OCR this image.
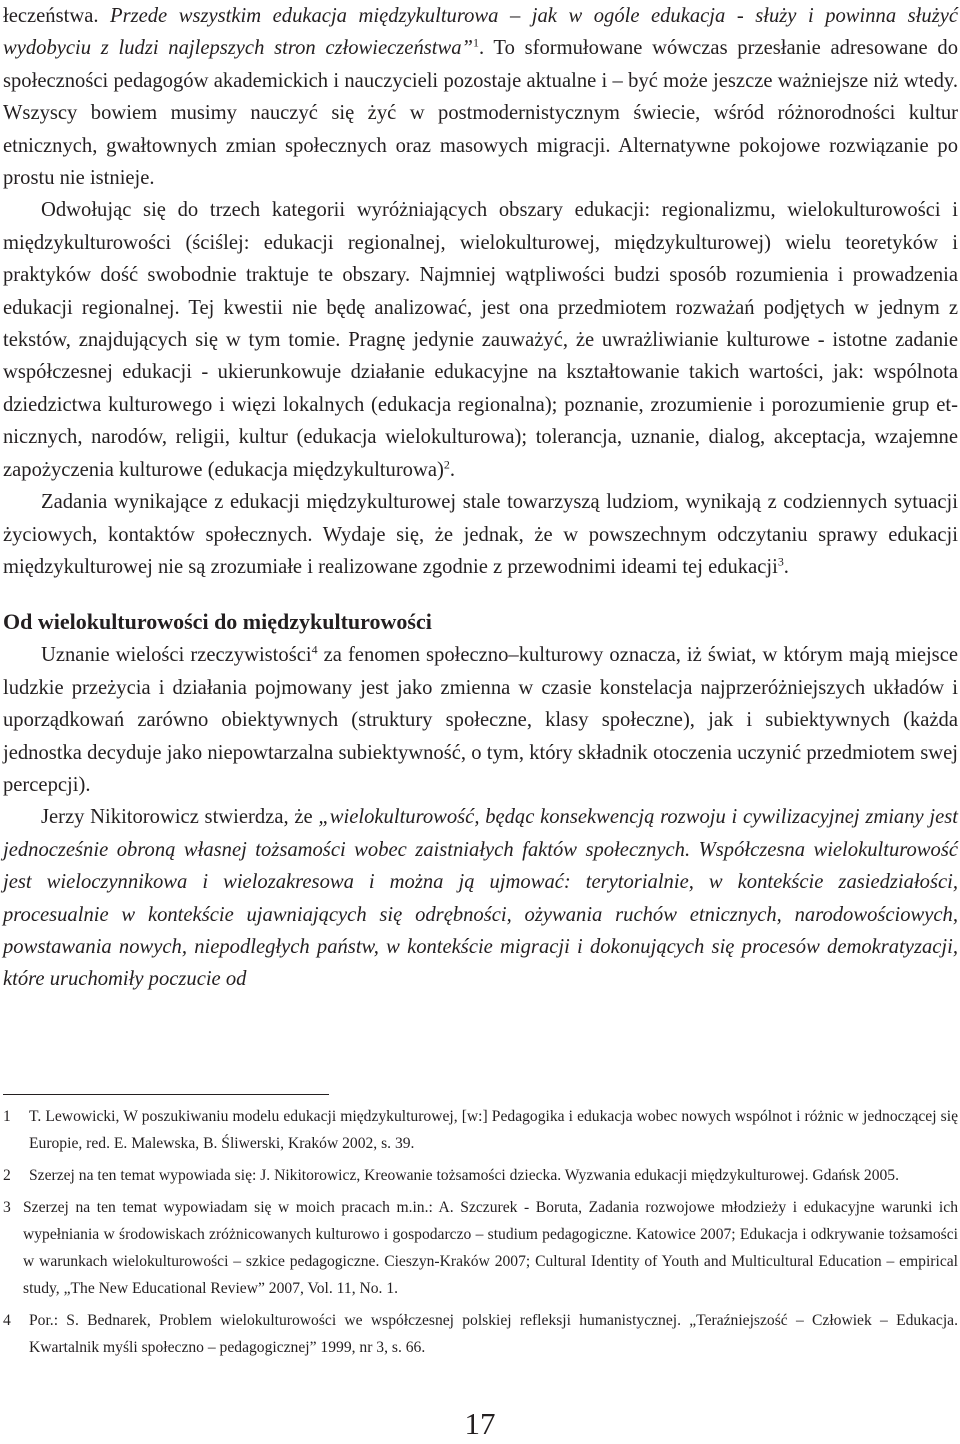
łeczeństwa. Przede wszystkim edukacja międzykulturowa – jak w ogóle edukacja - służy i powinna służyć wydobyciu z ludzi najlepszych stron człowieczeństwa”$^1$. To sformułowane wówczas przesłanie adresowane do społeczności pedagogów akademickich i nauczycieli pozostaje aktualne i – być może jeszcze ważniejsze niż wtedy. Wszyscy bowiem musimy nauczyć się żyć w postmodernistycznym świecie, wśród różnorodności kultur etnicznych, gwałtownych zmian społecznych oraz masowych migracji. Alternatywne pokojowe rozwiązanie po prostu nie istnieje.

Odwołując się do trzech kategorii wyróżniających obszary edukacji: regionalizmu, wielokulturowości i międzykulturowości (ściślej: edukacji regionalnej, wielokulturowej, międzykulturowej) wielu teoretyków i praktyków dość swobodnie traktuje te obszary. Najmniej wątpliwości budzi sposób rozumienia i prowadzenia edukacji regionalnej. Tej kwestii nie będę analizować, jest ona przedmiotem rozważań podjętych w jednym z tekstów, znajdujących się w tym tomie. Pragnę jedynie zauważyć, że uwrażliwianie kulturowe - istotne zadanie współczesnej edukacji - ukierunkowuje działanie edukacyjne na kształtowanie takich wartości, jak: wspólnota dziedzictwa kulturowego i więzi lokalnych (edukacja regionalna); poznanie, zrozumienie i porozumienie grup etnicznych, narodów, religii, kultur (edukacja wielokulturowa); tolerancja, uznanie, dialog, akceptacja, wzajemne zapożyczenia kulturowe (edukacja międzykulturowa)$^2$.

Zadania wynikające z edukacji międzykulturowej stale towarzyszą ludziom, wynikają z codziennych sytuacji życiowych, kontaktów społecznych. Wydaje się, że jednak, że w powszechnym odczytaniu sprawy edukacji międzykulturowej nie są zrozumiałe i realizowane zgodnie z przewodnimi ideami tej edukacji$^3$.

Od wielokulturowości do międzykulturowości

Uznanie wielości rzeczywistości$^4$ za fenomen społeczno–kulturowy oznacza, iż świat, w którym mają miejsce ludzkie przeżycia i działania pojmowany jest jako zmienna w czasie konstelacja najprzeróżniejszych układów i uporządkowań zarówno obiektywnych (struktury społeczne, klasy społeczne), jak i subiektywnych (każda jednostka decyduje jako niepowtarzalna subiektywność, o tym, który składnik otoczenia uczynić przedmiotem swej percepcji).

Jerzy Nikitorowicz stwierdza, że „wielokulturowość, będąc konsekwencją rozwoju i cywilizacyjnej zmiany jest jednocześnie obroną własnej tożsamości wobec zaistniałych faktów społecznych. Współczesna wielokulturowość jest wieloczynnikowa i wielozakresowa i można ją ujmować: terytorialnie, w kontekście zasiedziałości, procesualnie w kontekście ujawniających się odrębności, ożywania ruchów etnicznych, narodowościowych, powstawania nowych, niepodległych państw, w kontekście migracji i dokonujących się procesów demokratyzacji, które uruchomiły poczucie od

1	T. Lewowicki, W poszukiwaniu modelu edukacji międzykulturowej, [w:] Pedagogika i edukacja wobec nowych wspólnot i różnic w jednoczącej się Europie, red. E. Malewska, B. Śliwerski, Kraków 2002, s. 39.
2	Szerzej na ten temat wypowiada się: J. Nikitorowicz, Kreowanie tożsamości dziecka. Wyzwania edukacji międzykulturowej. Gdańsk 2005.
3 Szerzej na ten temat wypowiadam się w moich pracach m.in.: A. Szczurek - Boruta, Zadania rozwojowe młodzieży i edukacyjne warunki ich wypełniania w środowiskach zróżnicowanych kulturowo i gospodarczo – studium pedagogiczne. Katowice 2007; Edukacja i odkrywanie tożsamości w warunkach wielokulturowości – szkice pedagogiczne. Cieszyn-Kraków 2007; Cultural Identity of Youth and Multicultural Education – empirical study, „The New Educational Review” 2007, Vol. 11, No. 1.
4	Por.: S. Bednarek, Problem wielokulturowości we współczesnej polskiej refleksji humanistycznej. „Teraźniejszość – Człowiek – Edukacja. Kwartalnik myśli społeczno – pedagogicznej” 1999, nr 3, s. 66.
17
